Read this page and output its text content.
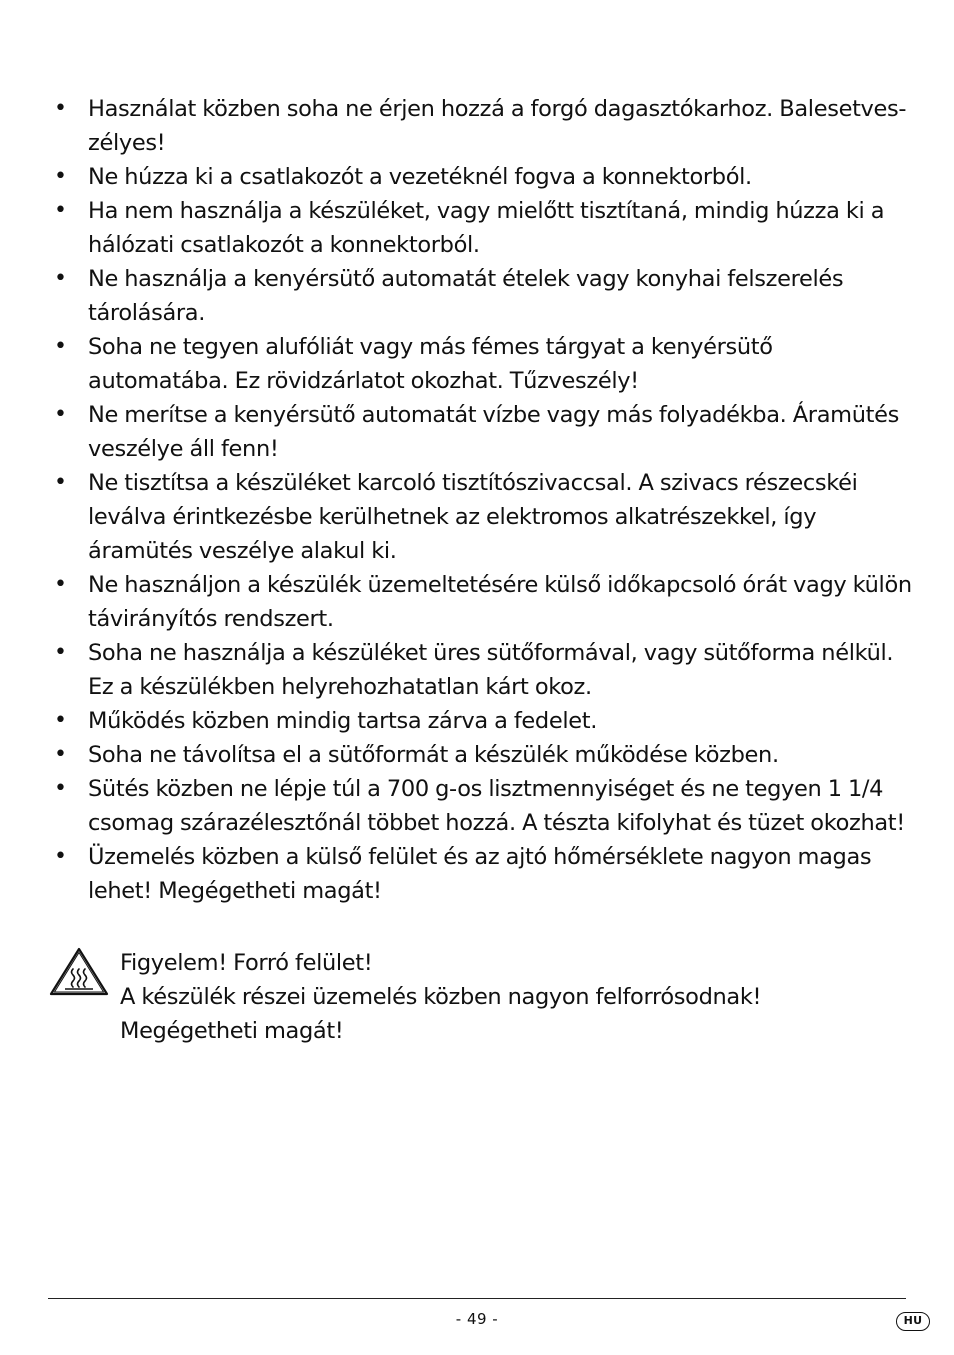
• Használat közben soha ne érjen hozzá a forgó dagasztókarhoz. Balesetveszélyes!
• Ne húzza ki a csatlakozót a vezetéknél fogva a konnektorból.
• Ha nem használja a készüléket, vagy mielőtt tisztítaná, mindig húzza ki a hálózati csatlakozót a konnektorból.
• Ne használja a kenyérsütő automatát ételek vagy konyhai felszerelés tárolására.
• Soha ne tegyen alufóliát vagy más fémes tárgyat a kenyérsütő automatába. Ez rövidzárlatot okozhat. Tűzveszély!
• Ne merítse a kenyérsütő automatát vízbe vagy más folyadékba. Áramütés veszélye áll fenn!
• Ne tisztítsa a készüléket karcoló tisztítószivaccsal. A szivacs részecskéi leválva érintkezésbe kerülhetnek az elektromos alkatrészekkel, így áramütés veszélye alakul ki.
• Ne használjon a készülék üzemeltetésére külső időkapcsoló órát vagy külön távirányítós rendszert.
• Soha ne használja a készüléket üres sütőformával, vagy sütőforma nélkül. Ez a készülékben helyrehozhatatlan kárt okoz.
• Működés közben mindig tartsa zárva a fedelet.
• Soha ne távolítsa el a sütőformát a készülék működése közben.
• Sütés közben ne lépje túl a 700 g-os lisztmennyiséget és ne tegyen 1 1/4 csomag szárazélesztőnál többet hozzá. A tészta kifolyhat és tüzet okozhat!
• Üzemelés közben a külső felület és az ajtó hőmérséklete nagyon magas lehet! Megégetheti magát!
Figyelem! Forró felület!
A készülék részei üzemelés közben nagyon felforrósodnak!
Megégetheti magát!
- 49 -	HU
